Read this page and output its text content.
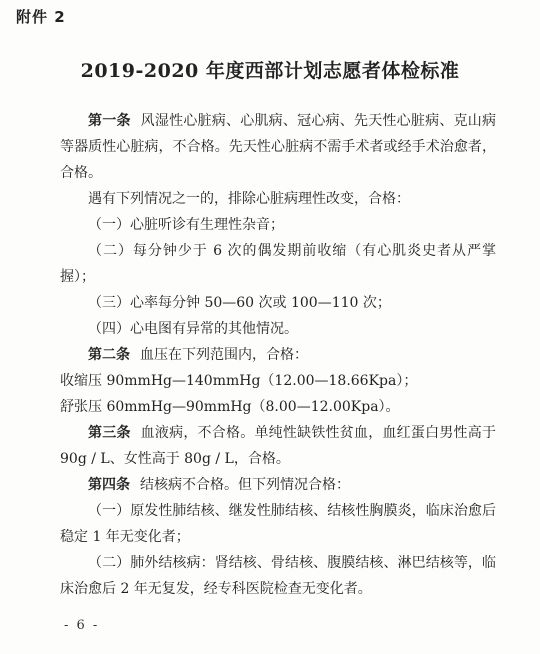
附件 2
2019-2020 年度西部计划志愿者体检标准

第一条 风湿性心脏病、心肌病、冠心病、先天性心脏病、克山病等器质性心脏病，不合格。先天性心脏病不需手术者或经手术治愈者，合格。

遇有下列情况之一的，排除心脏病理性改变，合格：

（一）心脏听诊有生理性杂音；

（二）每分钟少于 6 次的偶发期前收缩（有心肌炎史者从严掌握）；

（三）心率每分钟 50—60 次或 100—110 次；

（四）心电图有异常的其他情况。

第二条 血压在下列范围内，合格：

收缩压 90mmHg—140mmHg（12.00—18.66Kpa）；

舒张压 60mmHg—90mmHg（8.00—12.00Kpa）。

第三条 血液病，不合格。单纯性缺铁性贫血，血红蛋白男性高于 90g / L、女性高于 80g / L，合格。

第四条 结核病不合格。但下列情况合格：

（一）原发性肺结核、继发性肺结核、结核性胸膜炎，临床治愈后稳定 1 年无变化者；

（二）肺外结核病：肾结核、骨结核、腹膜结核、淋巴结核等，临床治愈后 2 年无复发，经专科医院检查无变化者。

- 6 -
